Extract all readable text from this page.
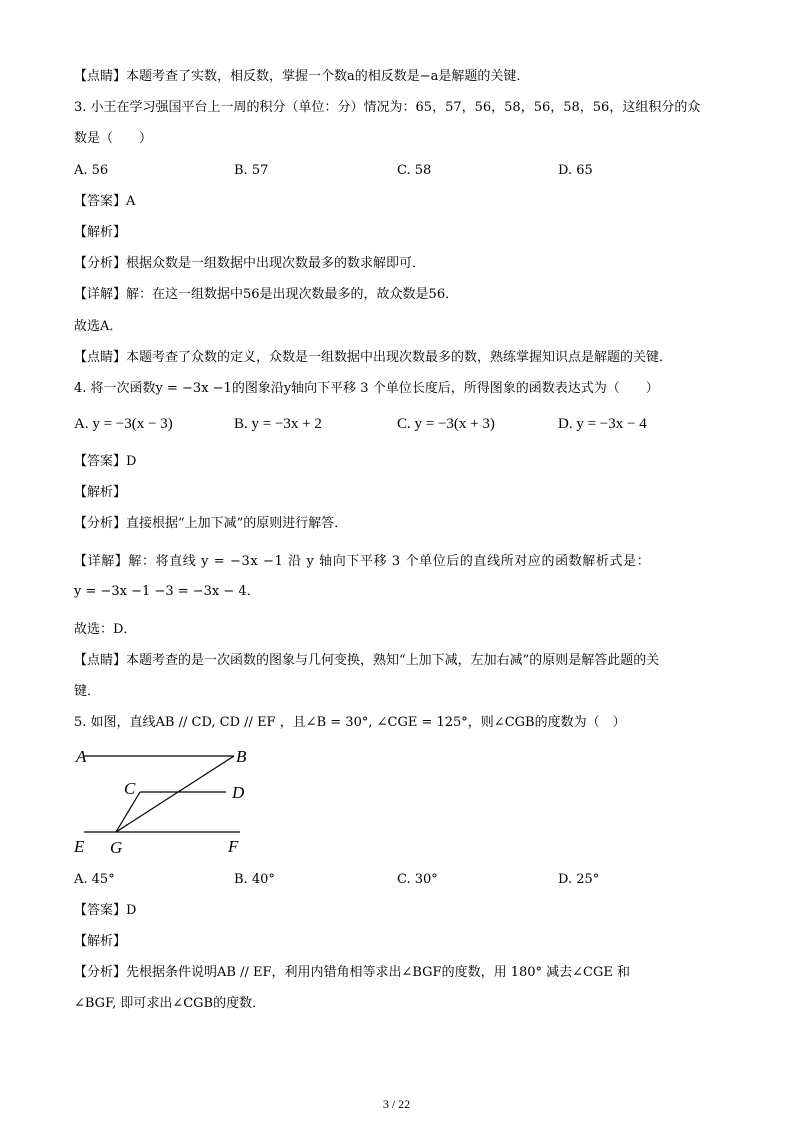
【点睛】本题考查了实数，相反数，掌握一个数a的相反数是−a是解题的关键．
3. 小王在学习强国平台上一周的积分（单位：分）情况为：65，57，56，58，56，58，56，这组积分的众
数是（　　）
A. 56	B. 57	C. 58	D. 65
【答案】A
【解析】
【分析】根据众数是一组数据中出现次数最多的数求解即可．
【详解】解：在这一组数据中56是出现次数最多的，故众数是56．
故选A．
【点睛】本题考查了众数的定义，众数是一组数据中出现次数最多的数，熟练掌握知识点是解题的关键．
4. 将一次函数y = −3x −1的图象沿y轴向下平移 3 个单位长度后，所得图象的函数表达式为（　　）
A. y = −3(x − 3)	B. y = −3x + 2	C. y = −3(x + 3)	D. y = −3x − 4
【答案】D
【解析】
【分析】直接根据“上加下减”的原则进行解答．
【详解】解：将直线 y = −3x −1 沿 y 轴向下平移 3 个单位后的直线所对应的函数解析式是：
y = −3x −1 −3 = −3x − 4．
故选：D．
【点睛】本题考查的是一次函数的图象与几何变换，熟知“上加下减，左加右减”的原则是解答此题的关
键．
5. 如图，直线AB // CD, CD // EF ，且∠B = 30°, ∠CGE = 125°，则∠CGB的度数为（　）
A	B
C	D
E G	F
A. 45°	B. 40°	C. 30°	D. 25°
【答案】D
【解析】
【分析】先根据条件说明AB // EF，利用内错角相等求出∠BGF的度数，用 180° 减去∠CGE 和
∠BGF, 即可求出∠CGB的度数．
3 / 22
